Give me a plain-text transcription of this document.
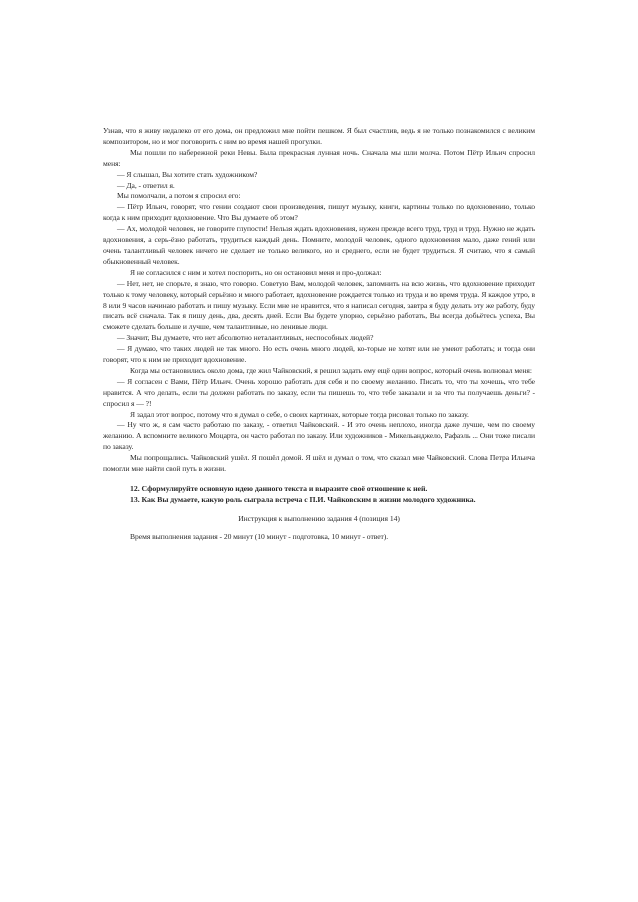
Узнав, что я живу недалеко от его дома, он предложил мне пойти пешком. Я был счастлив, ведь я не только познакомился с великим композитором, но и мог поговорить с ним во время нашей прогулки.

Мы пошли по набережной реки Невы. Была прекрасная лунная ночь. Сначала мы шли молча. Потом Пётр Ильич спросил меня:

— Я слышал, Вы хотите стать художником?

— Да, - ответил я.

Мы помолчали, а потом я спросил его:

— Пётр Ильич, говорят, что гении создают свои произведения, пишут музыку, книги, картины только по вдохновению, только когда к ним приходит вдохновение. Что Вы думаете об этом?

— Ах, молодой человек, не говорите глупости! Нельзя ждать вдохновения, нужен прежде всего труд, труд и труд. Нужно не ждать вдохновения, а серь-ёзно работать, трудиться каждый день. Помните, молодой человек, одного вдохновения мало, даже гений или очень талантливый человек ничего не сделает не только великого, но и среднего, если не будет трудиться. Я считаю, что я самый обыкновенный человек.

Я не согласился с ним и хотел поспорить, но он остановил меня и про-должал:

— Нет, нет, не спорьте, я знаю, что говорю. Советую Вам, молодой человек, запомнить на всю жизнь, что вдохновение приходит только к тому человеку, который серьёзно и много работает, вдохновение рождается только из труда и во время труда. Я каждое утро, в 8 или 9 часов начинаю работать и пишу музыку. Если мне не нравится, что я написал сегодня, завтра я буду делать эту же работу, буду писать всё сначала. Так я пишу день, два, десять дней. Если Вы будете упорно, серьёзно работать, Вы всегда добьётесь успеха, Вы сможете сделать больше и лучше, чем талантливые, но ленивые люди.

— Значит, Вы думаете, что нет абсолютно неталантливых, неспособных людей?

— Я думаю, что таких людей не так много. Но есть очень много людей, ко-торые не хотят или не умеют работать; и тогда они говорят, что к ним не приходит вдохновение.

Когда мы остановились около дома, где жил Чайковский, я решил задать ему ещё один вопрос, который очень волновал меня:

— Я согласен с Вами, Пётр Ильич. Очень хорошо работать для себя и по своему желанию. Писать то, что ты хочешь, что тебе нравится. А что делать, если ты должен работать по заказу, если ты пишешь то, что тебе заказали и за что ты получаешь деньги? - спросил я — ?!

Я задал этот вопрос, потому что я думал о себе, о своих картинах, которые тогда рисовал только по заказу.

— Ну что ж, я сам часто работаю по заказу, - ответил Чайковский. - И это очень неплохо, иногда даже лучше, чем по своему желанию. А вспомните великого Моцарта, он часто работал по заказу. Или художников - Микельанджело, Рафаэль ... Они тоже писали по заказу.

Мы попрощались. Чайковский ушёл. Я пошёл домой. Я шёл и думал о том, что сказал мне Чайковский. Слова Петра Ильича помогли мне найти свой путь в жизни.

12. Сформулируйте основную идею данного текста и выразите своё отношение к ней.

13. Как Вы думаете, какую роль сыграла встреча с П.И. Чайковским в жизни молодого художника.

Инструкция к выполнению задания 4 (позиция 14)

Время выполнения задания - 20 минут (10 минут - подготовка, 10 минут - ответ).
